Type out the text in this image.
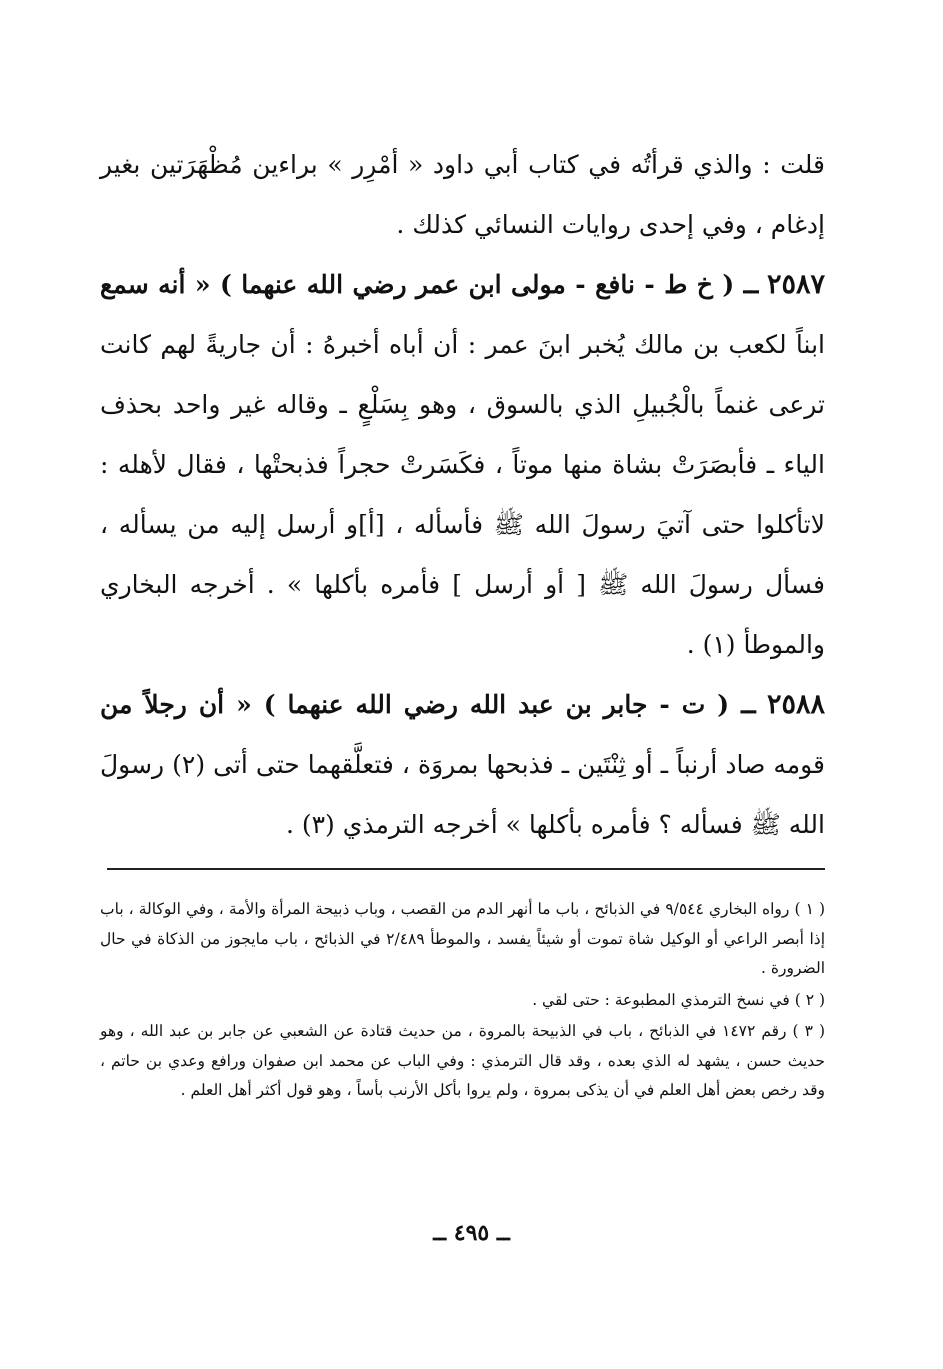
قلت : والذي قرأتُه في كتاب أبي داود « أمْرِر » براءين مُظْهَرَتين بغير إدغام ، وفي إحدى روايات النسائي كذلك .

٢٥٨٧ ــ ( خ ط - نافع - مولى ابن عمر رضي الله عنهما ) « أنه سمع ابناً لكعب بن مالك يُخبر ابنَ عمر : أن أباه أخبرهُ : أن جاريةً لهم كانت ترعى غنماً بالْجُبيلِ الذي بالسوق ، وهو بِسَلْعٍ ـ وقاله غير واحد بحذف الياء ـ فأبصَرَتْ بشاة منها موتاً ، فكَسَرتْ حجراً فذبحتْها ، فقال لأهله : لاتأكلوا حتى آتيَ رسولَ الله ﷺ فأسأله ، [أ]و أرسل إليه من يسأله ، فسأل رسولَ الله ﷺ [ أو أرسل ] فأمره بأكلها » . أخرجه البخاري والموطأ (١) .

٢٥٨٨ ــ ( ت - جابر بن عبد الله رضي الله عنهما ) « أن رجلاً من قومه صاد أرنباً ـ أو ثِنْتَين ـ فذبحها بمروَة ، فتعلَّقهما حتى أتى (٢) رسولَ الله ﷺ فسأله ؟ فأمره بأكلها » أخرجه الترمذي (٣) .

( ١ ) رواه البخاري ٩/٥٤٤ في الذبائح ، باب ما أنهر الدم من القصب ، وباب ذبيحة المرأة والأمة ، وفي الوكالة ، باب إذا أبصر الراعي أو الوكيل شاة تموت أو شيئاً يفسد ، والموطأ ٢/٤٨٩ في الذبائح ، باب مايجوز من الذكاة في حال الضرورة .

( ٢ ) في نسخ الترمذي المطبوعة : حتى لقي .

( ٣ ) رقم ١٤٧٢ في الذبائح ، باب في الذبيحة بالمروة ، من حديث قتادة عن الشعبي عن جابر بن عبد الله ، وهو حديث حسن ، يشهد له الذي بعده ، وقد قال الترمذي : وفي الباب عن محمد ابن صفوان ورافع وعدي بن حاتم ، وقد رخص بعض أهل العلم في أن يذكى بمروة ، ولم يروا بأكل الأرنب بأساً ، وهو قول أكثر أهل العلم .

ــ ٤٩٥ ــ
